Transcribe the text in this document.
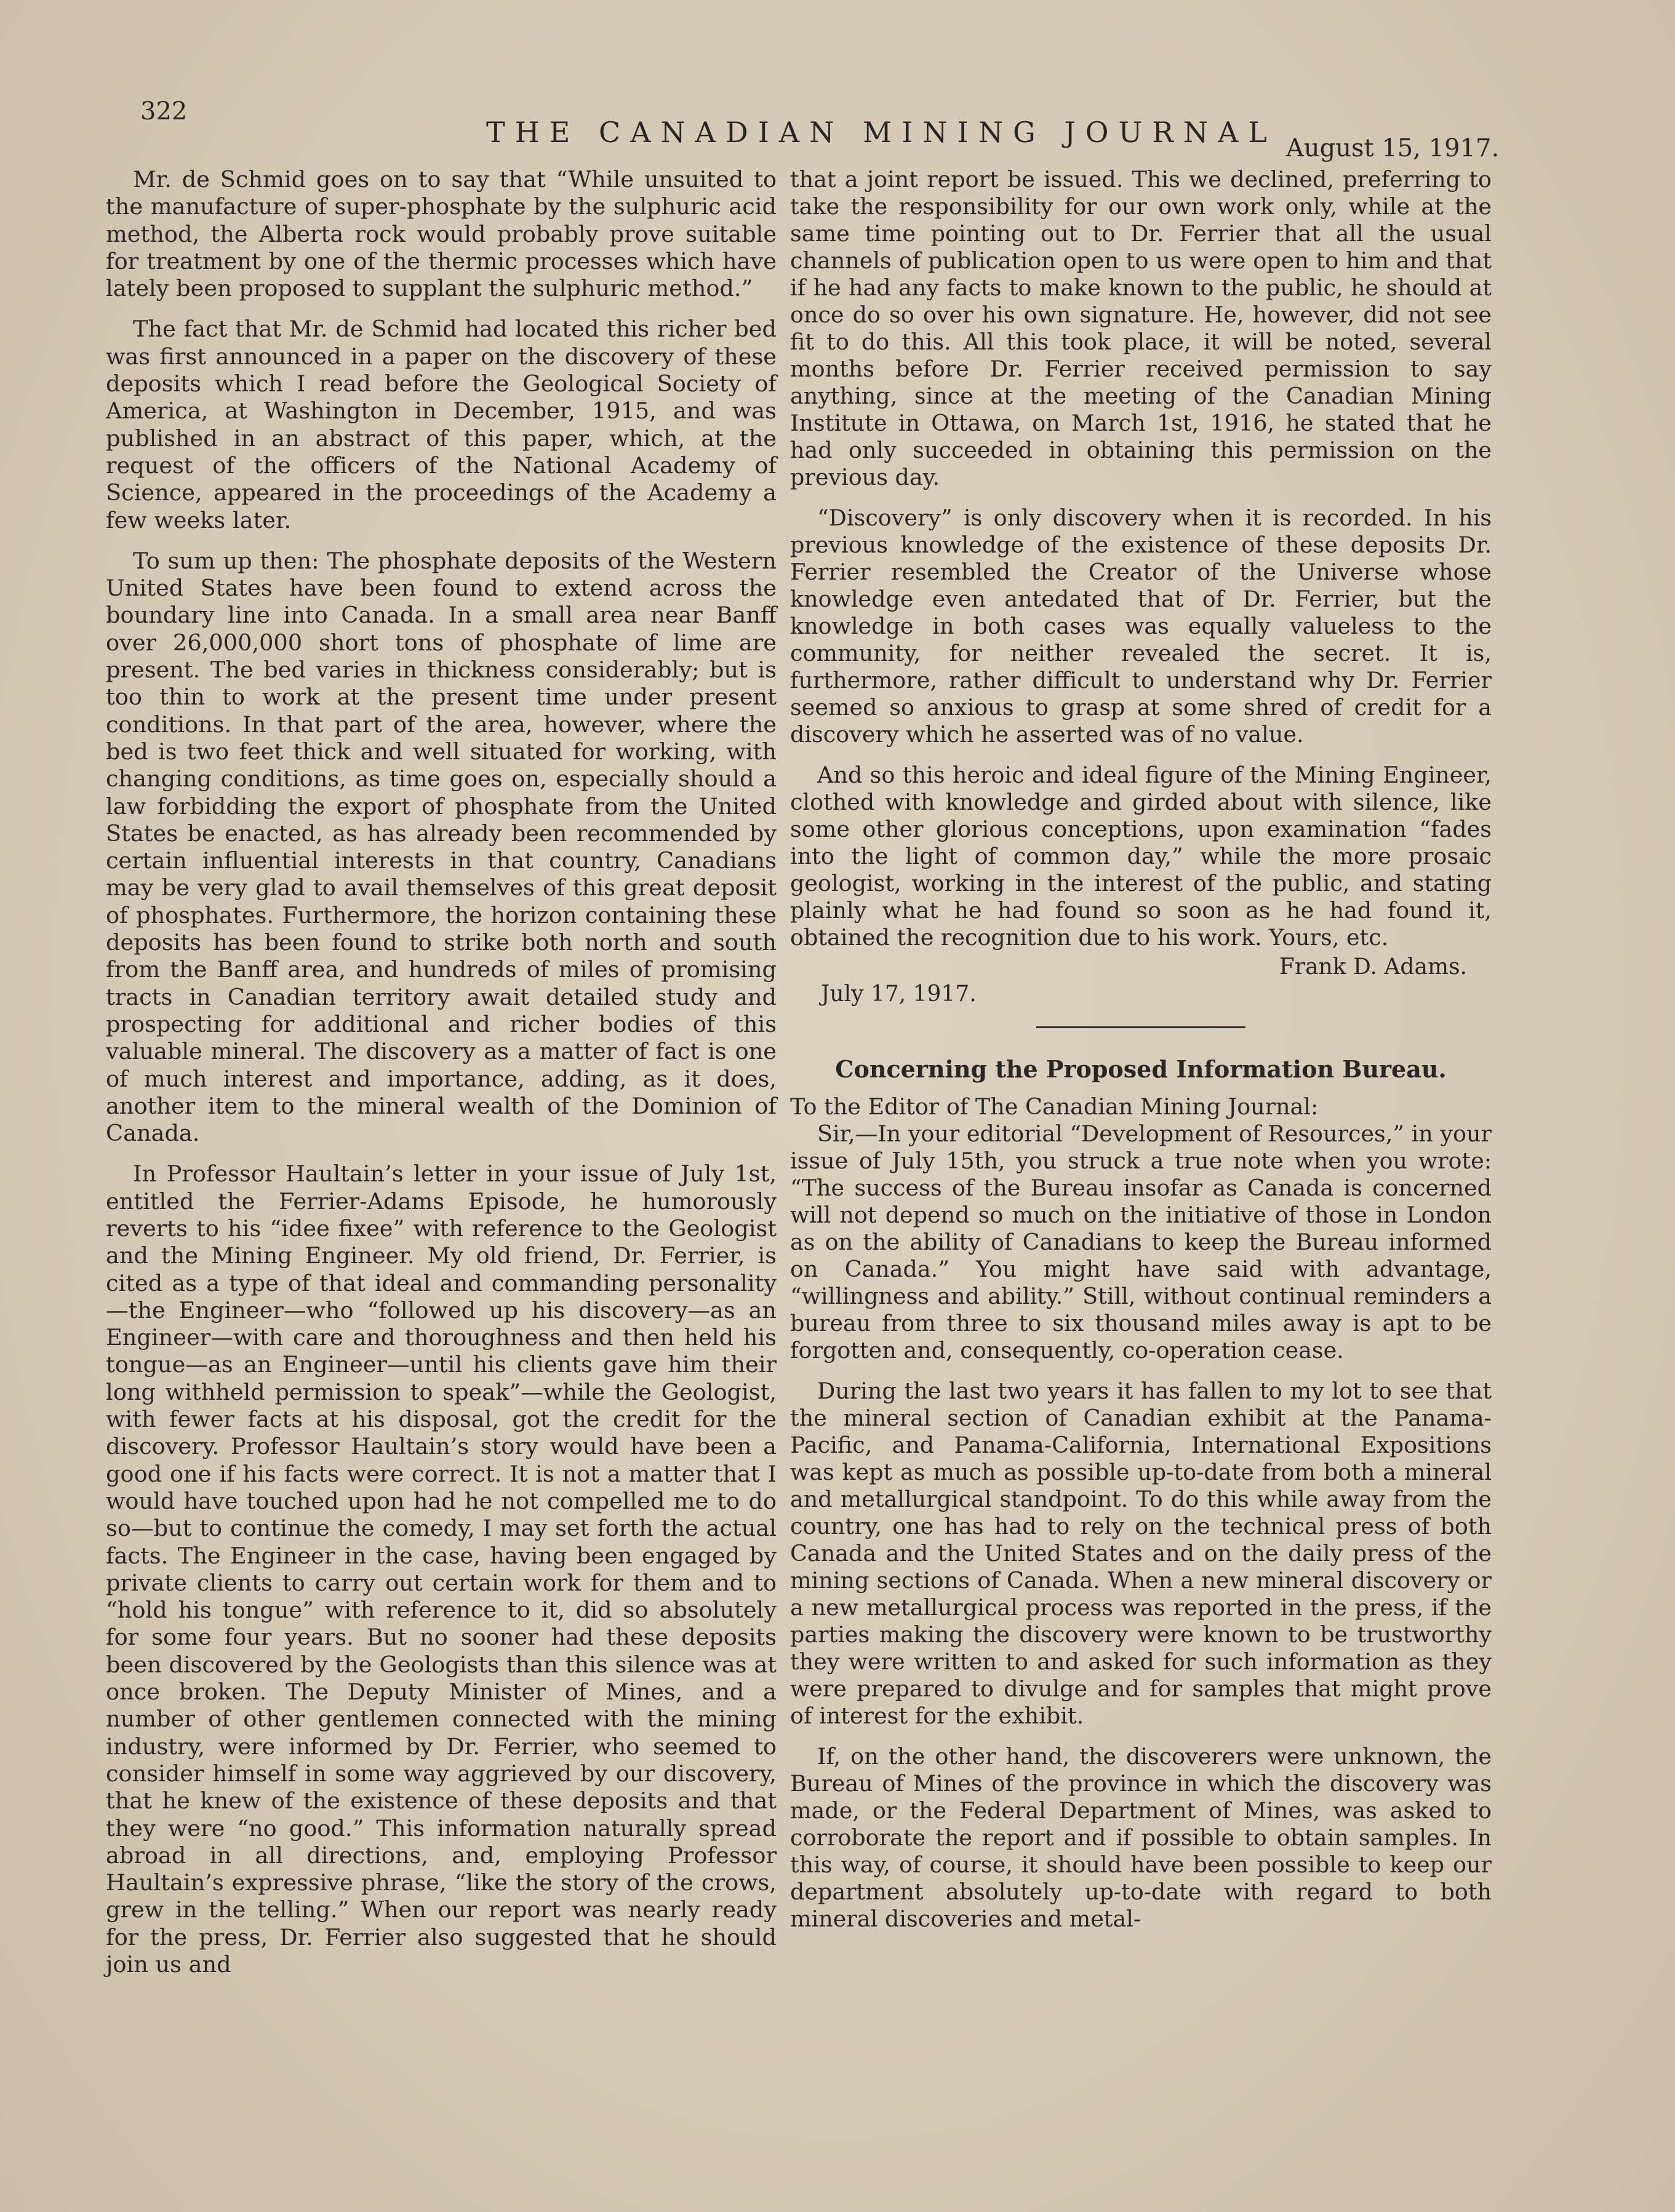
322
THE CANADIAN MINING JOURNAL August 15, 1917.

Mr. de Schmid goes on to say that “While unsuited to the manufacture of super-phosphate by the sulphuric acid method, the Alberta rock would probably prove suitable for treatment by one of the thermic processes which have lately been proposed to supplant the sulphuric method.”

The fact that Mr. de Schmid had located this richer bed was first announced in a paper on the discovery of these deposits which I read before the Geological Society of America, at Washington in December, 1915, and was published in an abstract of this paper, which, at the request of the officers of the National Academy of Science, appeared in the proceedings of the Academy a few weeks later.

To sum up then: The phosphate deposits of the Western United States have been found to extend across the boundary line into Canada. In a small area near Banff over 26,000,000 short tons of phosphate of lime are present. The bed varies in thickness considerably; but is too thin to work at the present time under present conditions. In that part of the area, however, where the bed is two feet thick and well situated for working, with changing conditions, as time goes on, especially should a law forbidding the export of phosphate from the United States be enacted, as has already been recommended by certain influential interests in that country, Canadians may be very glad to avail themselves of this great deposit of phosphates. Furthermore, the horizon containing these deposits has been found to strike both north and south from the Banff area, and hundreds of miles of promising tracts in Canadian territory await detailed study and prospecting for additional and richer bodies of this valuable mineral. The discovery as a matter of fact is one of much interest and importance, adding, as it does, another item to the mineral wealth of the Dominion of Canada.

In Professor Haultain’s letter in your issue of July 1st, entitled the Ferrier-Adams Episode, he humorously reverts to his “idee fixee” with reference to the Geologist and the Mining Engineer. My old friend, Dr. Ferrier, is cited as a type of that ideal and commanding personality—the Engineer—who “followed up his discovery—as an Engineer—with care and thoroughness and then held his tongue—as an Engineer—until his clients gave him their long withheld permission to speak”—while the Geologist, with fewer facts at his disposal, got the credit for the discovery. Professor Haultain’s story would have been a good one if his facts were correct. It is not a matter that I would have touched upon had he not compelled me to do so—but to continue the comedy, I may set forth the actual facts. The Engineer in the case, having been engaged by private clients to carry out certain work for them and to “hold his tongue” with reference to it, did so absolutely for some four years. But no sooner had these deposits been discovered by the Geologists than this silence was at once broken. The Deputy Minister of Mines, and a number of other gentlemen connected with the mining industry, were informed by Dr. Ferrier, who seemed to consider himself in some way aggrieved by our discovery, that he knew of the existence of these deposits and that they were “no good.” This information naturally spread abroad in all directions, and, employing Professor Haultain’s expressive phrase, “like the story of the crows, grew in the telling.” When our report was nearly ready for the press, Dr. Ferrier also suggested that he should join us and

that a joint report be issued. This we declined, preferring to take the responsibility for our own work only, while at the same time pointing out to Dr. Ferrier that all the usual channels of publication open to us were open to him and that if he had any facts to make known to the public, he should at once do so over his own signature. He, however, did not see fit to do this. All this took place, it will be noted, several months before Dr. Ferrier received permission to say anything, since at the meeting of the Canadian Mining Institute in Ottawa, on March 1st, 1916, he stated that he had only succeeded in obtaining this permission on the previous day.

“Discovery” is only discovery when it is recorded. In his previous knowledge of the existence of these deposits Dr. Ferrier resembled the Creator of the Universe whose knowledge even antedated that of Dr. Ferrier, but the knowledge in both cases was equally valueless to the community, for neither revealed the secret. It is, furthermore, rather difficult to understand why Dr. Ferrier seemed so anxious to grasp at some shred of credit for a discovery which he asserted was of no value.

And so this heroic and ideal figure of the Mining Engineer, clothed with knowledge and girded about with silence, like some other glorious conceptions, upon examination “fades into the light of common day,” while the more prosaic geologist, working in the interest of the public, and stating plainly what he had found so soon as he had found it, obtained the recognition due to his work. Yours, etc.

Frank D. Adams.
July 17, 1917.
Concerning the Proposed Information Bureau.

To the Editor of The Canadian Mining Journal:

Sir,—In your editorial “Development of Resources,” in your issue of July 15th, you struck a true note when you wrote: “The success of the Bureau insofar as Canada is concerned will not depend so much on the initiative of those in London as on the ability of Canadians to keep the Bureau informed on Canada.” You might have said with advantage, “willingness and ability.” Still, without continual reminders a bureau from three to six thousand miles away is apt to be forgotten and, consequently, co-operation cease.

During the last two years it has fallen to my lot to see that the mineral section of Canadian exhibit at the Panama-Pacific, and Panama-California, International Expositions was kept as much as possible up-to-date from both a mineral and metallurgical standpoint. To do this while away from the country, one has had to rely on the technical press of both Canada and the United States and on the daily press of the mining sections of Canada. When a new mineral discovery or a new metallurgical process was reported in the press, if the parties making the discovery were known to be trustworthy they were written to and asked for such information as they were prepared to divulge and for samples that might prove of interest for the exhibit.

If, on the other hand, the discoverers were unknown, the Bureau of Mines of the province in which the discovery was made, or the Federal Department of Mines, was asked to corroborate the report and if possible to obtain samples. In this way, of course, it should have been possible to keep our department absolutely up-to-date with regard to both mineral discoveries and metal-
